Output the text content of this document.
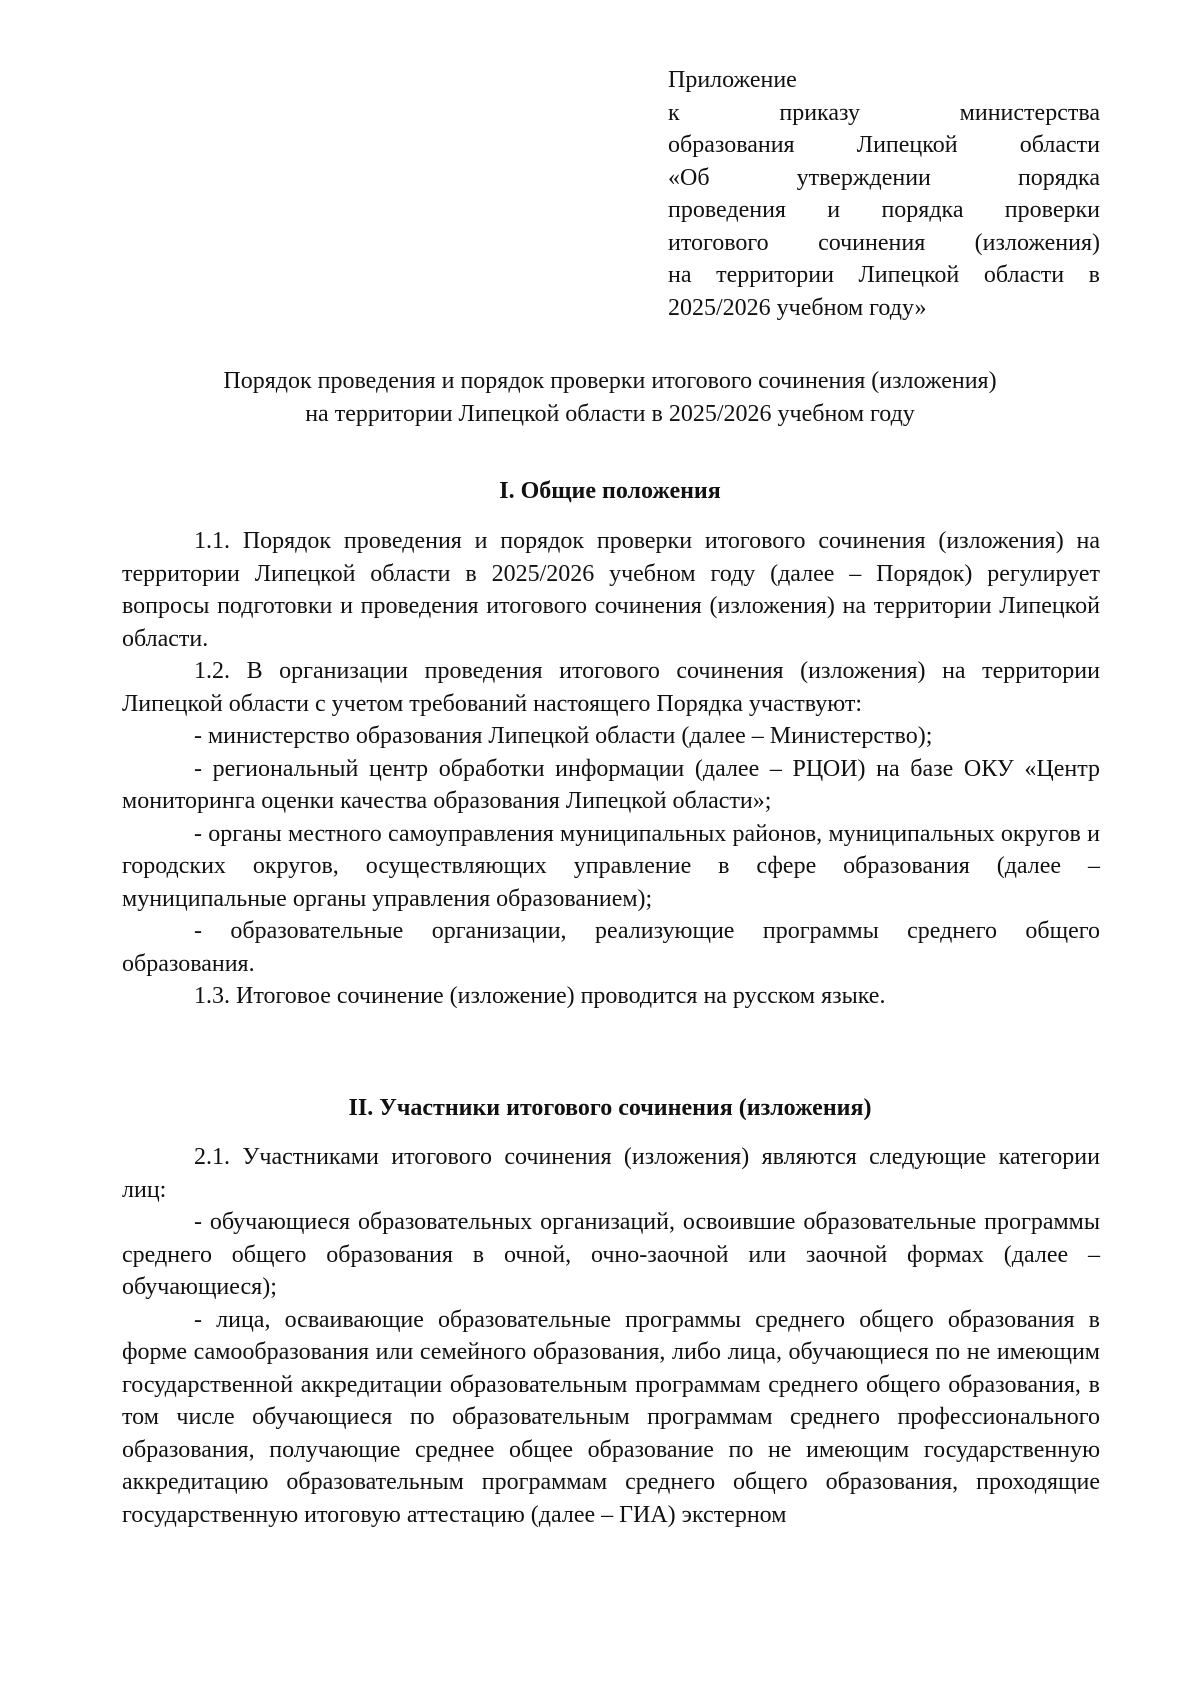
Приложение
к приказу министерства
образования Липецкой области
«Об утверждении порядка
проведения и порядка проверки
итогового сочинения (изложения)
на территории Липецкой области в
2025/2026 учебном году»
Порядок проведения и порядок проверки итогового сочинения (изложения)
на территории Липецкой области в 2025/2026 учебном году
I. Общие положения

1.1. Порядок проведения и порядок проверки итогового сочинения (изложения) на территории Липецкой области в 2025/2026 учебном году (далее – Порядок) регулирует вопросы подготовки и проведения итогового сочинения (изложения) на территории Липецкой области.

1.2. В организации проведения итогового сочинения (изложения) на территории Липецкой области с учетом требований настоящего Порядка участвуют:

- министерство образования Липецкой области (далее – Министерство);

- региональный центр обработки информации (далее – РЦОИ) на базе ОКУ «Центр мониторинга оценки качества образования Липецкой области»;

- органы местного самоуправления муниципальных районов, муниципальных округов и городских округов, осуществляющих управление в сфере образования (далее – муниципальные органы управления образованием);

- образовательные организации, реализующие программы среднего общего образования.

1.3. Итоговое сочинение (изложение) проводится на русском языке.

II. Участники итогового сочинения (изложения)

2.1. Участниками итогового сочинения (изложения) являются следующие категории лиц:

- обучающиеся образовательных организаций, освоившие образовательные программы среднего общего образования в очной, очно-заочной или заочной формах (далее – обучающиеся);

- лица, осваивающие образовательные программы среднего общего образования в форме самообразования или семейного образования, либо лица, обучающиеся по не имеющим государственной аккредитации образовательным программам среднего общего образования, в том числе обучающиеся по образовательным программам среднего профессионального образования, получающие среднее общее образование по не имеющим государственную аккредитацию образовательным программам среднего общего образования, проходящие государственную итоговую аттестацию (далее – ГИА) экстерном
